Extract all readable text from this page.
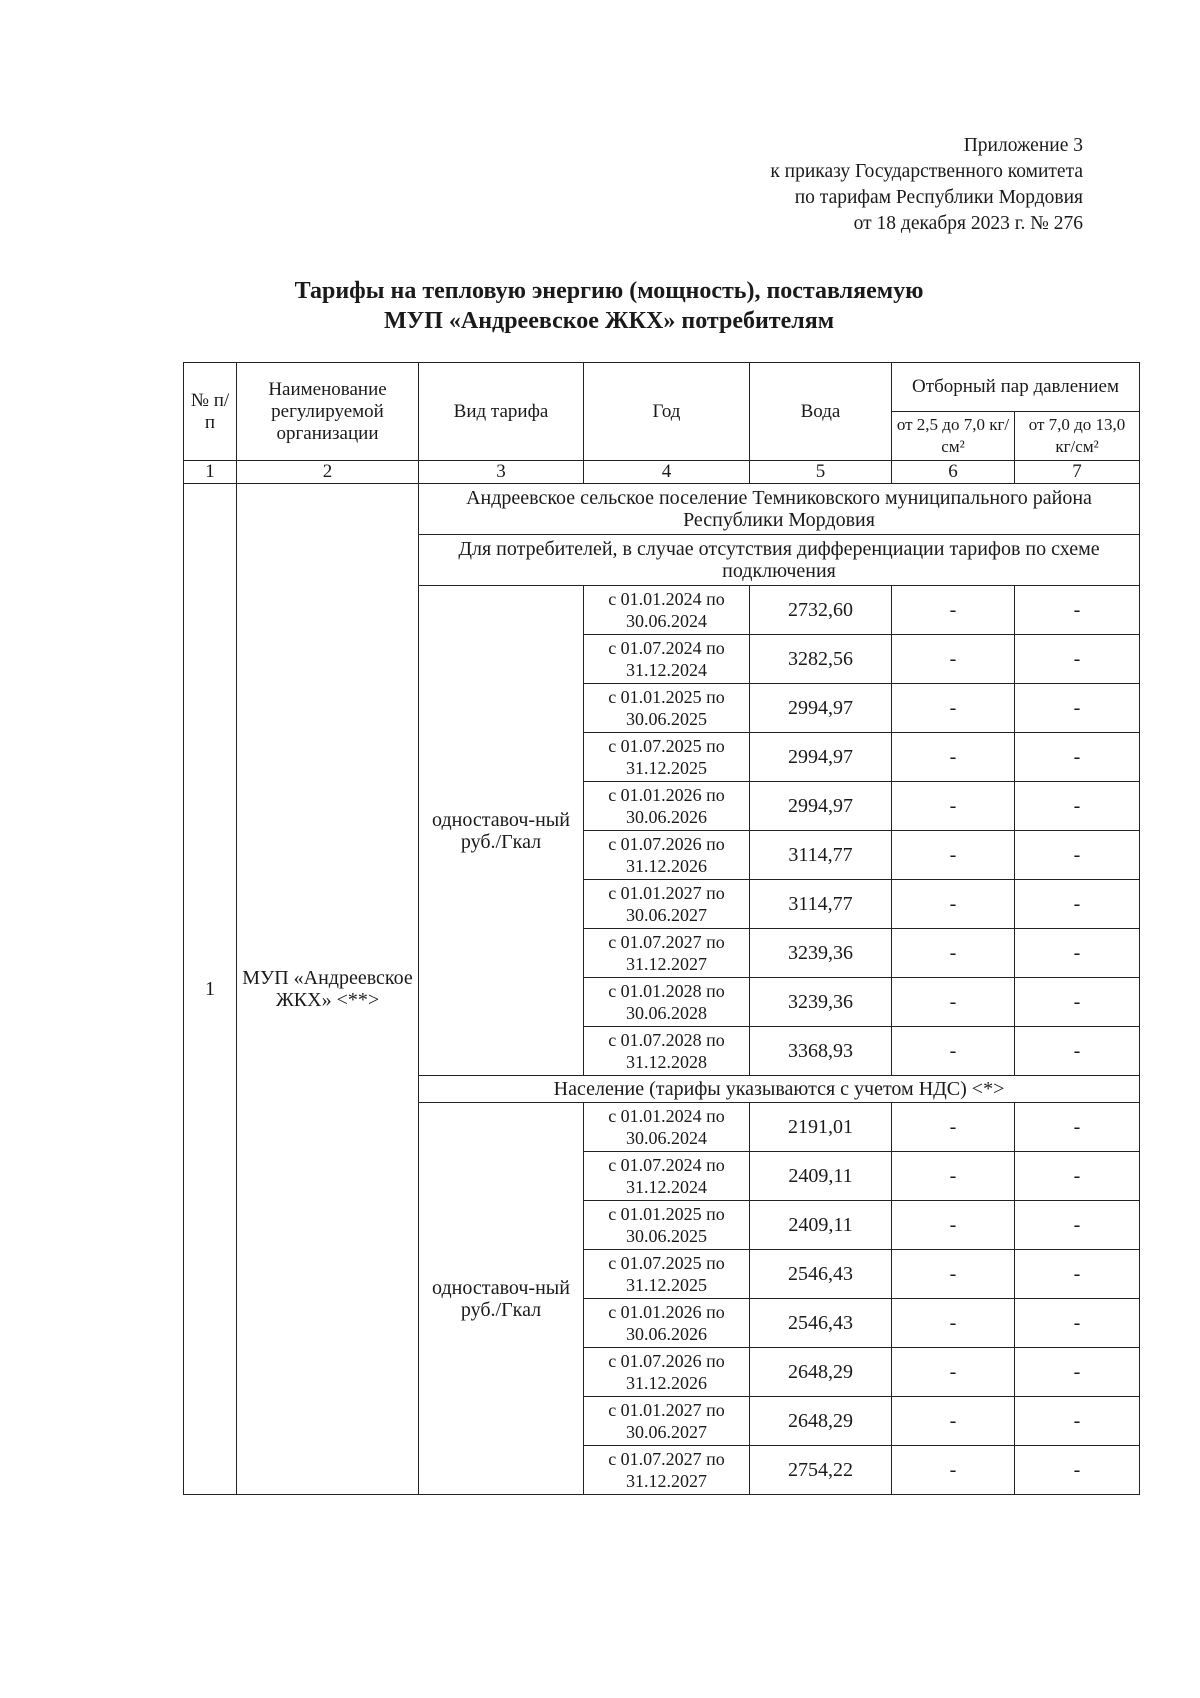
Приложение 3
к приказу Государственного комитета
по тарифам Республики Мордовия
от 18 декабря 2023 г. № 276
Тарифы на тепловую энергию (мощность), поставляемую
МУП «Андреевское ЖКХ» потребителям
№ п/п	Наименование регулируемой организации	Вид тарифа	Год	Вода	Отборный пар давлением	
					от 2,5 до 7,0 кг/см²	от 7,0 до 13,0 кг/см²
1	2	3	4	5	6	7
1	МУП «Андреевское ЖКХ» <**>	Андреевское сельское поселение Темниковского муниципального района Республики Мордовия				
		Для потребителей, в случае отсутствия дифференциации тарифов по схеме подключения				
		одноставоч-ный руб./Гкал	с 01.01.2024 по 30.06.2024	2732,60	-	-
			с 01.07.2024 по 31.12.2024	3282,56	-	-
			с 01.01.2025 по 30.06.2025	2994,97	-	-
			с 01.07.2025 по 31.12.2025	2994,97	-	-
			с 01.01.2026 по 30.06.2026	2994,97	-	-
			с 01.07.2026 по 31.12.2026	3114,77	-	-
			с 01.01.2027 по 30.06.2027	3114,77	-	-
			с 01.07.2027 по 31.12.2027	3239,36	-	-
			с 01.01.2028 по 30.06.2028	3239,36	-	-
			с 01.07.2028 по 31.12.2028	3368,93	-	-
		Население (тарифы указываются с учетом НДС) <*>				
		одноставоч-ный руб./Гкал	с 01.01.2024 по 30.06.2024	2191,01	-	-
			с 01.07.2024 по 31.12.2024	2409,11	-	-
			с 01.01.2025 по 30.06.2025	2409,11	-	-
			с 01.07.2025 по 31.12.2025	2546,43	-	-
			с 01.01.2026 по 30.06.2026	2546,43	-	-
			с 01.07.2026 по 31.12.2026	2648,29	-	-
			с 01.01.2027 по 30.06.2027	2648,29	-	-
			с 01.07.2027 по 31.12.2027	2754,22	-	-
